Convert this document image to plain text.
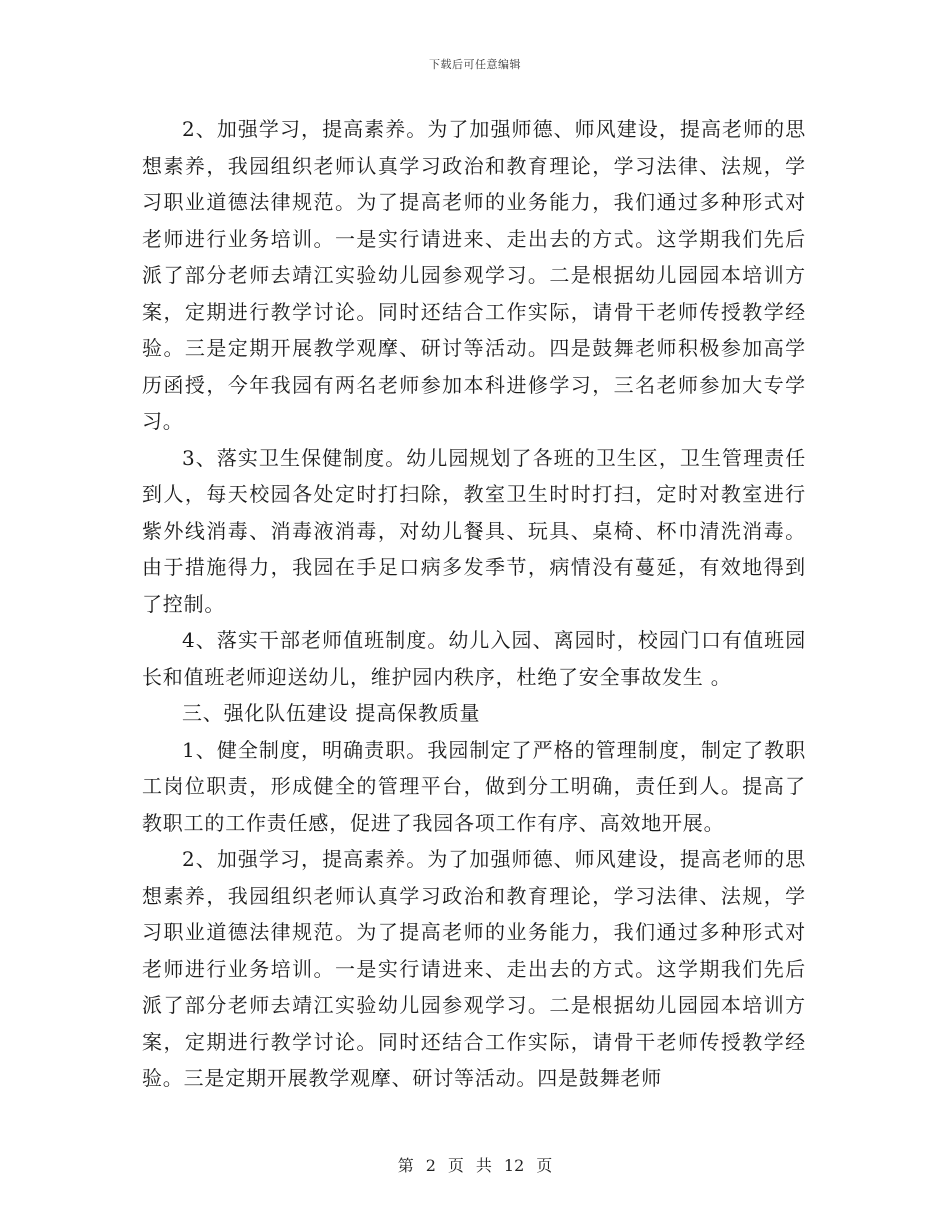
下载后可任意编辑

2、加强学习，提高素养。为了加强师德、师风建设，提高老师的思想素养，我园组织老师认真学习政治和教育理论，学习法律、法规，学习职业道德法律规范。为了提高老师的业务能力，我们通过多种形式对老师进行业务培训。一是实行请进来、走出去的方式。这学期我们先后派了部分老师去靖江实验幼儿园参观学习。二是根据幼儿园园本培训方案，定期进行教学讨论。同时还结合工作实际，请骨干老师传授教学经验。三是定期开展教学观摩、研讨等活动。四是鼓舞老师积极参加高学历函授，今年我园有两名老师参加本科进修学习，三名老师参加大专学习。

3、落实卫生保健制度。幼儿园规划了各班的卫生区，卫生管理责任到人，每天校园各处定时打扫除，教室卫生时时打扫，定时对教室进行紫外线消毒、消毒液消毒，对幼儿餐具、玩具、桌椅、杯巾清洗消毒。由于措施得力，我园在手足口病多发季节，病情没有蔓延，有效地得到了控制。

4、落实干部老师值班制度。幼儿入园、离园时，校园门口有值班园长和值班老师迎送幼儿，维护园内秩序，杜绝了安全事故发生 。

三、强化队伍建设 提高保教质量

1、健全制度，明确责职。我园制定了严格的管理制度，制定了教职工岗位职责，形成健全的管理平台，做到分工明确，责任到人。提高了教职工的工作责任感，促进了我园各项工作有序、高效地开展。

2、加强学习，提高素养。为了加强师德、师风建设，提高老师的思想素养，我园组织老师认真学习政治和教育理论，学习法律、法规，学习职业道德法律规范。为了提高老师的业务能力，我们通过多种形式对老师进行业务培训。一是实行请进来、走出去的方式。这学期我们先后派了部分老师去靖江实验幼儿园参观学习。二是根据幼儿园园本培训方案，定期进行教学讨论。同时还结合工作实际，请骨干老师传授教学经验。三是定期开展教学观摩、研讨等活动。四是鼓舞老师

第 2 页 共 12 页
